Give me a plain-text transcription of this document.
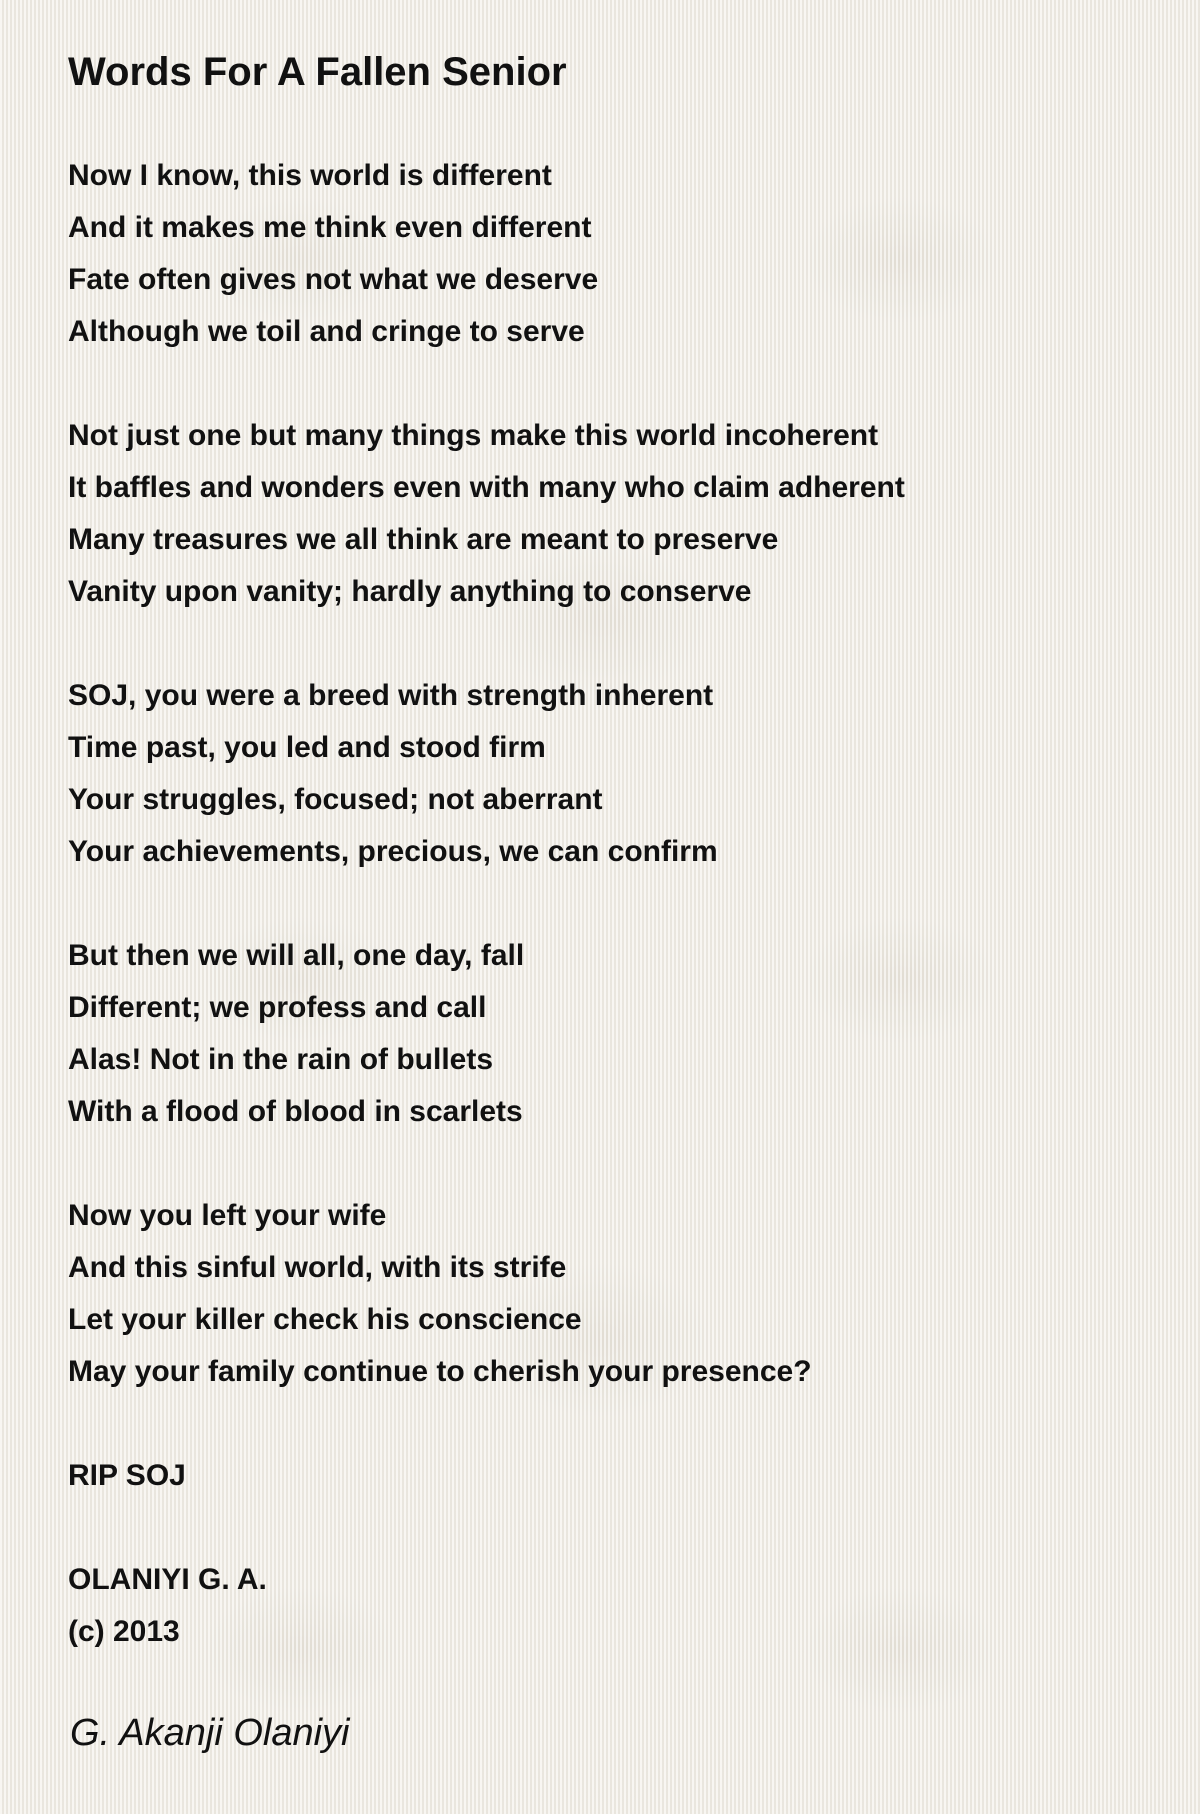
Words For A Fallen Senior
Now I know, this world is different
And it makes me think even different
Fate often gives not what we deserve
Although we toil and cringe to serve
Not just one but many things make this world incoherent
It baffles and wonders even with many who claim adherent
Many treasures we all think are meant to preserve
Vanity upon vanity; hardly anything to conserve
SOJ, you were a breed with strength inherent
Time past, you led and stood firm
Your struggles, focused; not aberrant
Your achievements, precious, we can confirm
But then we will all, one day, fall
Different; we profess and call
Alas! Not in the rain of bullets
With a flood of blood in scarlets
Now you left your wife
And this sinful world, with its strife
Let your killer check his conscience
May your family continue to cherish your presence?
RIP SOJ
OLANIYI G. A.
(c) 2013
G. Akanji Olaniyi
